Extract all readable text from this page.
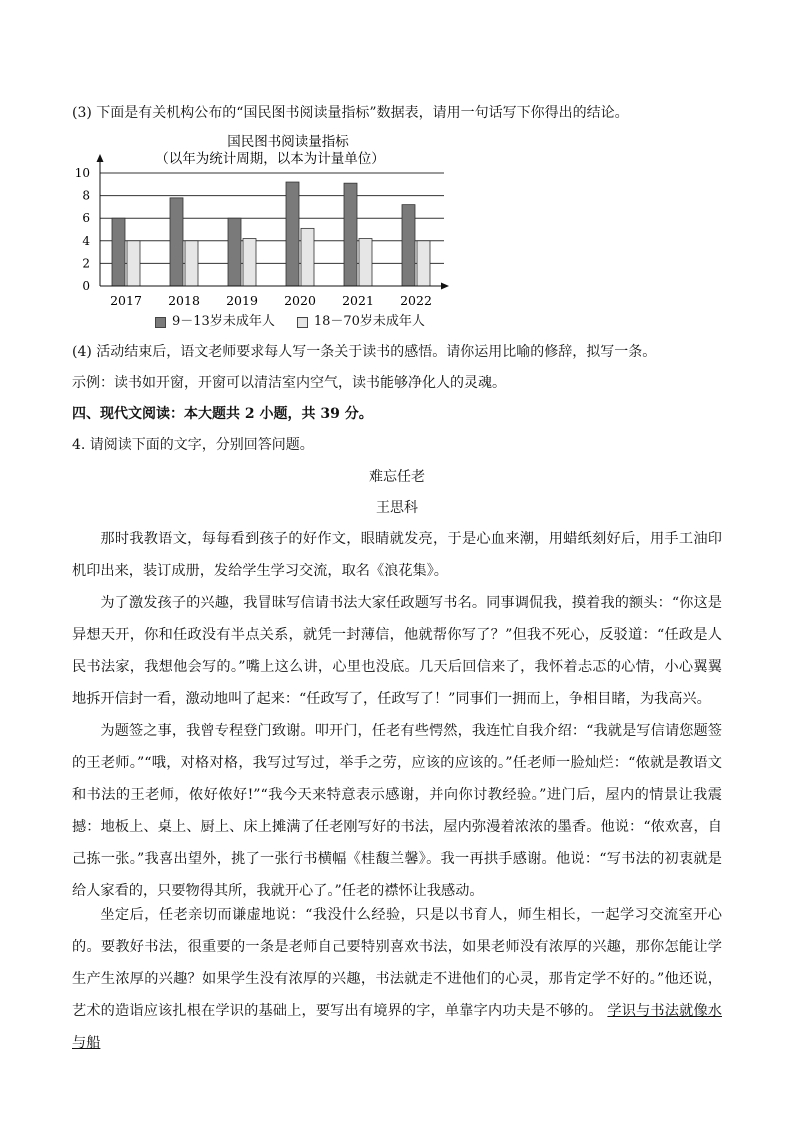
(3) 下面是有关机构公布的“国民图书阅读量指标”数据表，请用一句话写下你得出的结论。
国民图书阅读量指标
（以年为统计周期，以本为计量单位）
0
2
4
6
8
10
2017 2018 2019 2020 2021 2022
9－13岁未成年人	18－70岁未成年人
(4) 活动结束后，语文老师要求每人写一条关于读书的感悟。请你运用比喻的修辞，拟写一条。
示例：读书如开窗，开窗可以清洁室内空气，读书能够净化人的灵魂。
四、现代文阅读：本大题共 2 小题，共 39 分。
4. 请阅读下面的文字，分别回答问题。
难忘任老
王思科
那时我教语文，每每看到孩子的好作文，眼睛就发亮，于是心血来潮，用蜡纸刻好后，用手工油印机印出来，装订成册，发给学生学习交流，取名《浪花集》。
为了激发孩子的兴趣，我冒昧写信请书法大家任政题写书名。同事调侃我，摸着我的额头：“你这是异想天开，你和任政没有半点关系，就凭一封薄信，他就帮你写了？”但我不死心，反驳道：“任政是人民书法家，我想他会写的。”嘴上这么讲，心里也没底。几天后回信来了，我怀着忐忑的心情，小心翼翼地拆开信封一看，激动地叫了起来：“任政写了，任政写了！”同事们一拥而上，争相目睹，为我高兴。
为题签之事，我曾专程登门致谢。叩开门，任老有些愕然，我连忙自我介绍：“我就是写信请您题签的王老师。”“哦，对格对格，我写过写过，举手之劳，应该的应该的。”任老师一脸灿烂：“侬就是教语文和书法的王老师，侬好侬好!”“我今天来特意表示感谢，并向你讨教经验。”进门后，屋内的情景让我震撼：地板上、桌上、厨上、床上摊满了任老刚写好的书法，屋内弥漫着浓浓的墨香。他说：“侬欢喜，自己拣一张。”我喜出望外，挑了一张行书横幅《桂馥兰馨》。我一再拱手感谢。他说：“写书法的初衷就是给人家看的，只要物得其所，我就开心了。”任老的襟怀让我感动。
坐定后，任老亲切而谦虚地说：“我没什么经验，只是以书育人，师生相长，一起学习交流室开心的。要教好书法，很重要的一条是老师自己要特别喜欢书法，如果老师没有浓厚的兴趣，那你怎能让学生产生浓厚的兴趣？如果学生没有浓厚的兴趣，书法就走不进他们的心灵，那肯定学不好的。”他还说，艺术的造诣应该扎根在学识的基础上，要写出有境界的字，单靠字内功夫是不够的。 学识与书法就像水与船
